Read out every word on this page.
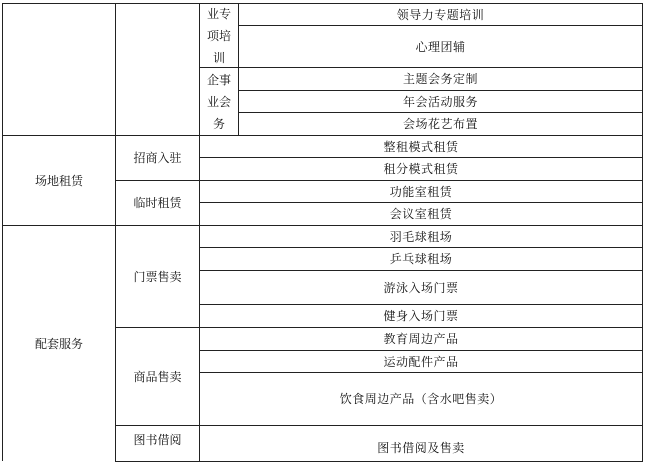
业专
项培
训
企事
业会
务
领导力专题培训
心理团辅
主题会务定制
年会活动服务
会场花艺布置
场地租赁
招商入驻
临时租赁
整租模式租赁
租分模式租赁
功能室租赁
会议室租赁
配套服务
门票售卖
商品售卖
图书借阅
羽毛球租场
乒乓球租场
游泳入场门票
健身入场门票
教育周边产品
运动配件产品
饮食周边产品（含水吧售卖）
图书借阅及售卖
